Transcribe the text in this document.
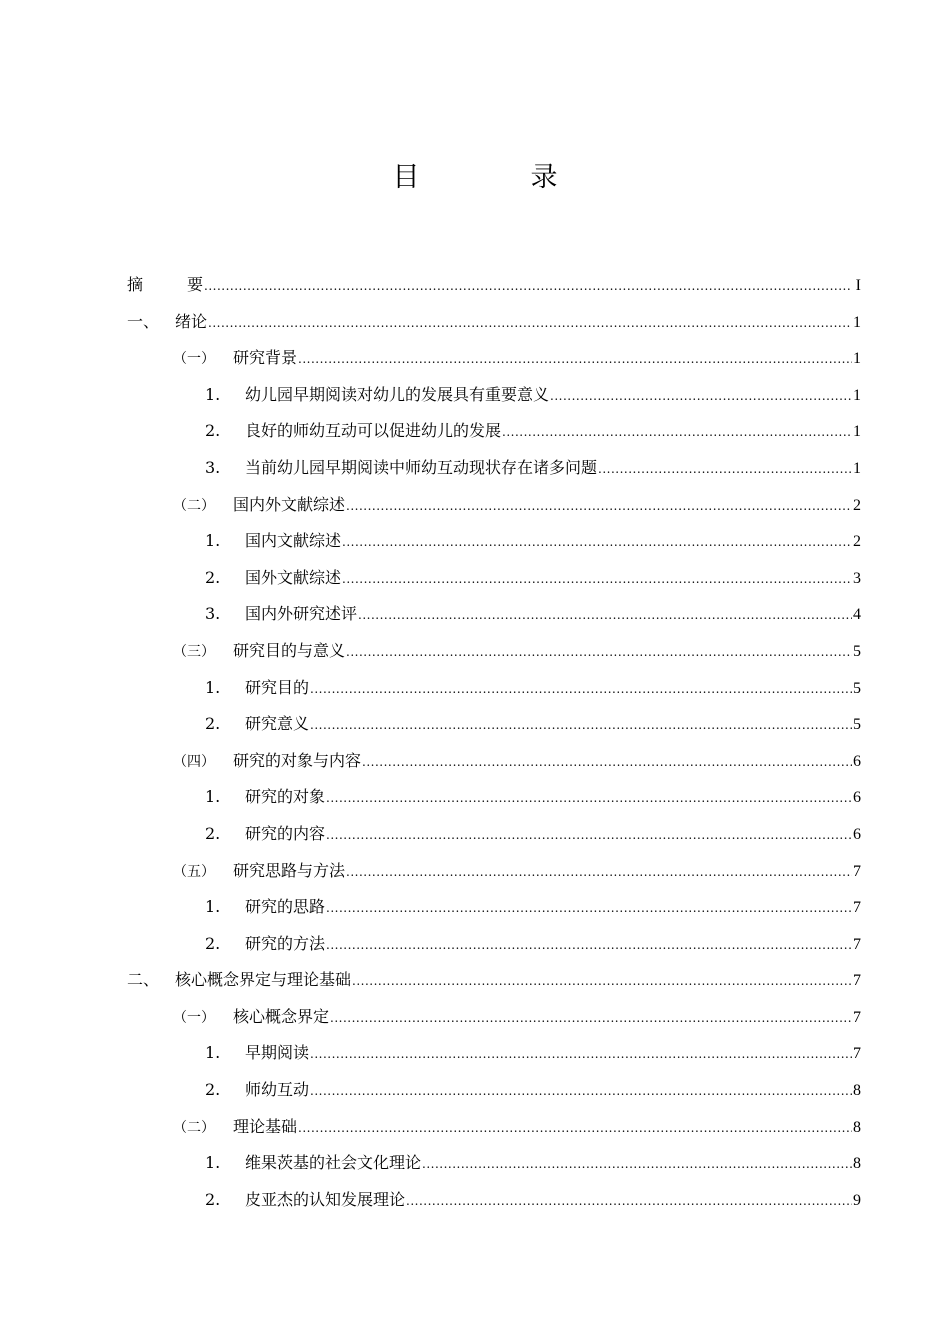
目　录
摘　要 .....	I
一、 绪论 .....	1
（一）	研究背景 .....	1
1.	幼儿园早期阅读对幼儿的发展具有重要意义 .....	1
2.	良好的师幼互动可以促进幼儿的发展 .....	1
3.	当前幼儿园早期阅读中师幼互动现状存在诸多问题 .....	1
（二）	国内外文献综述 .....	2
1.	国内文献综述 .....	2
2.	国外文献综述 .....	3
3.	国内外研究述评 .....	4
（三）	研究目的与意义 .....	5
1.	研究目的 .....	5
2.	研究意义 .....	5
（四）	研究的对象与内容 .....	6
1.	研究的对象 .....	6
2.	研究的内容 .....	6
（五）	研究思路与方法 .....	7
1.	研究的思路 .....	7
2.	研究的方法 .....	7
二、 核心概念界定与理论基础 .....	7
（一）	核心概念界定 .....	7
1.	早期阅读 .....	7
2.	师幼互动 .....	8
（二）	理论基础 .....	8
1.	维果茨基的社会文化理论 .....	8
2.	皮亚杰的认知发展理论 .....	9
